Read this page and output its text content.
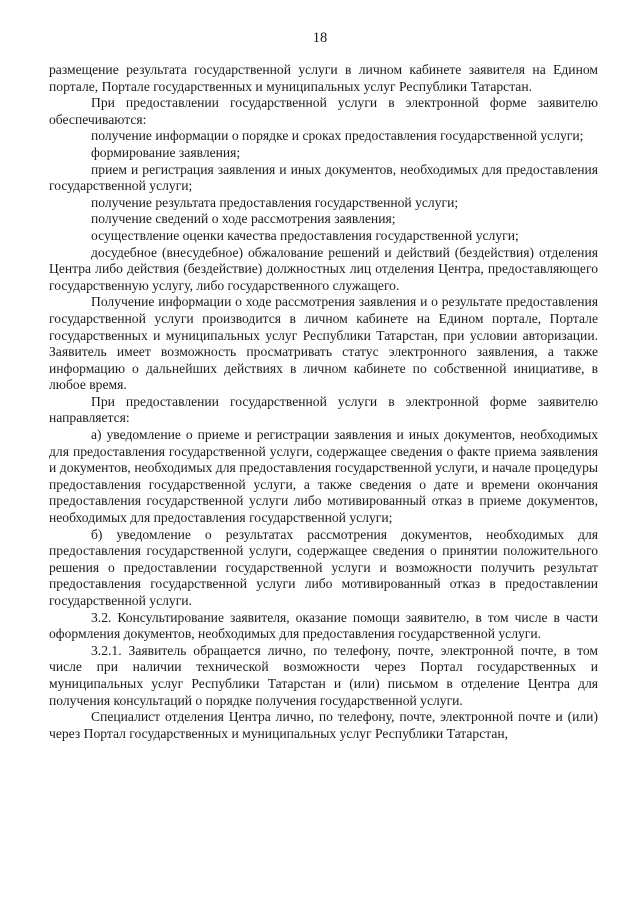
18

размещение результата государственной услуги в личном кабинете заявителя на Едином портале, Портале государственных и муниципальных услуг Республики Татарстан.

При предоставлении государственной услуги в электронной форме заявителю обеспечиваются:

получение информации о порядке и сроках предоставления государственной услуги;

формирование заявления;

прием и регистрация заявления и иных документов, необходимых для предоставления государственной услуги;

получение результата предоставления государственной услуги;

получение сведений о ходе рассмотрения заявления;

осуществление оценки качества предоставления государственной услуги;

досудебное (внесудебное) обжалование решений и действий (бездействия) отделения Центра либо действия (бездействие) должностных лиц отделения Центра, предоставляющего государственную услугу, либо государственного служащего.

Получение информации о ходе рассмотрения заявления и о результате предоставления государственной услуги производится в личном кабинете на Едином портале, Портале государственных и муниципальных услуг Республики Татарстан, при условии авторизации. Заявитель имеет возможность просматривать статус электронного заявления, а также информацию о дальнейших действиях в личном кабинете по собственной инициативе, в любое время.

При предоставлении государственной услуги в электронной форме заявителю направляется:

а) уведомление о приеме и регистрации заявления и иных документов, необходимых для предоставления государственной услуги, содержащее сведения о факте приема заявления и документов, необходимых для предоставления государственной услуги, и начале процедуры предоставления государственной услуги, а также сведения о дате и времени окончания предоставления государственной услуги либо мотивированный отказ в приеме документов, необходимых для предоставления государственной услуги;

б) уведомление о результатах рассмотрения документов, необходимых для предоставления государственной услуги, содержащее сведения о принятии положительного решения о предоставлении государственной услуги и возможности получить результат предоставления государственной услуги либо мотивированный отказ в предоставлении государственной услуги.

3.2. Консультирование заявителя, оказание помощи заявителю, в том числе в части оформления документов, необходимых для предоставления государственной услуги.

3.2.1. Заявитель обращается лично, по телефону, почте, электронной почте, в том числе при наличии технической возможности через Портал государственных и муниципальных услуг Республики Татарстан и (или) письмом в отделение Центра для получения консультаций о порядке получения государственной услуги.

Специалист отделения Центра лично, по телефону, почте, электронной почте и (или) через Портал государственных и муниципальных услуг Республики Татарстан,
